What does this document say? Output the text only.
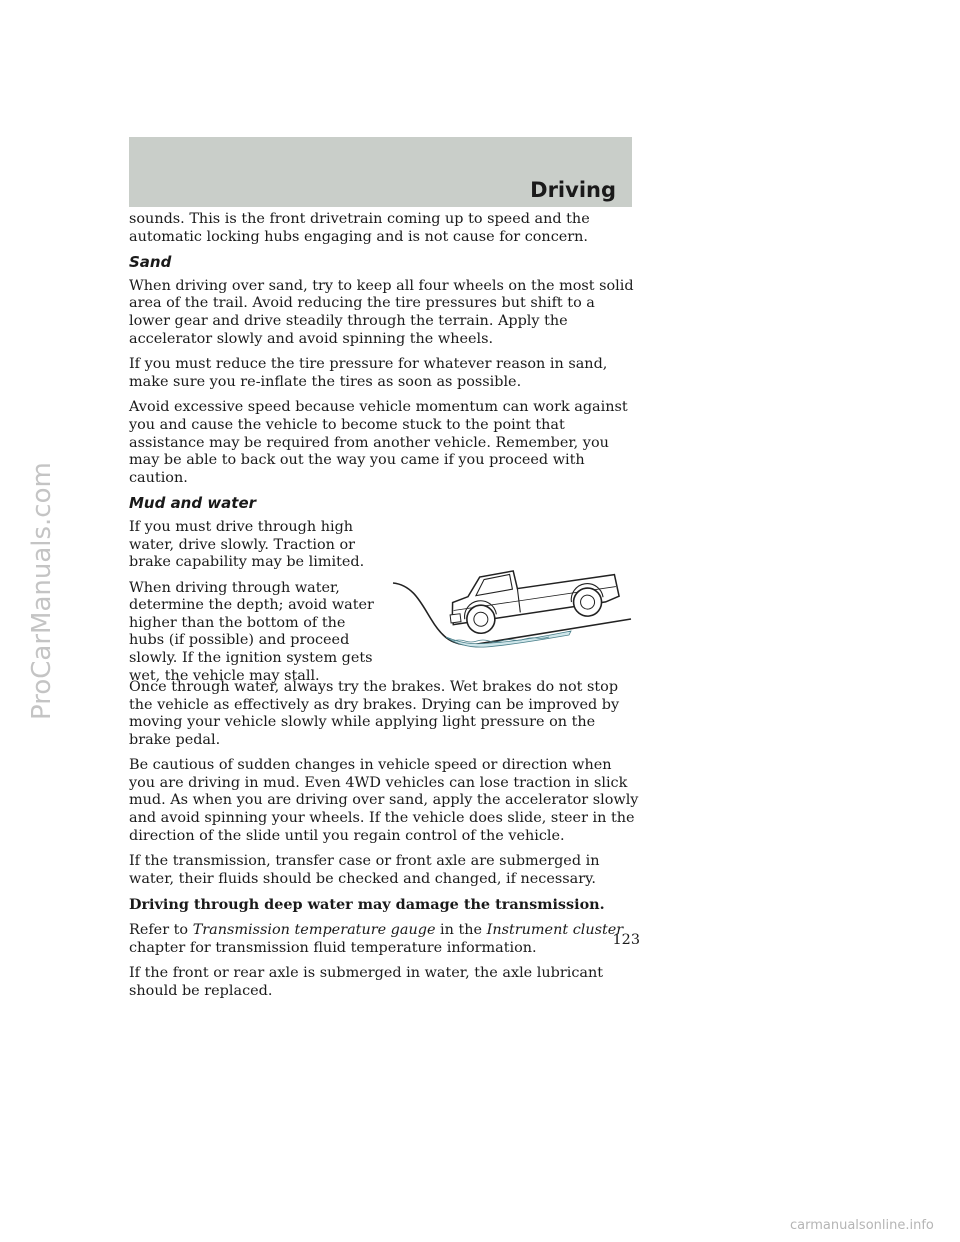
Driving

sounds. This is the front drivetrain coming up to speed and the automatic locking hubs engaging and is not cause for concern.

Sand

When driving over sand, try to keep all four wheels on the most solid area of the trail. Avoid reducing the tire pressures but shift to a lower gear and drive steadily through the terrain. Apply the accelerator slowly and avoid spinning the wheels.

If you must reduce the tire pressure for whatever reason in sand, make sure you re-inflate the tires as soon as possible.

Avoid excessive speed because vehicle momentum can work against you and cause the vehicle to become stuck to the point that assistance may be required from another vehicle. Remember, you may be able to back out the way you came if you proceed with caution.

Mud and water

If you must drive through high water, drive slowly. Traction or brake capability may be limited.

When driving through water, determine the depth; avoid water higher than the bottom of the hubs (if possible) and proceed slowly. If the ignition system gets wet, the vehicle may stall.

Once through water, always try the brakes. Wet brakes do not stop the vehicle as effectively as dry brakes. Drying can be improved by moving your vehicle slowly while applying light pressure on the brake pedal.

Be cautious of sudden changes in vehicle speed or direction when you are driving in mud. Even 4WD vehicles can lose traction in slick mud. As when you are driving over sand, apply the accelerator slowly and avoid spinning your wheels. If the vehicle does slide, steer in the direction of the slide until you regain control of the vehicle.

If the transmission, transfer case or front axle are submerged in water, their fluids should be checked and changed, if necessary.

Driving through deep water may damage the transmission.

Refer to Transmission temperature gauge in the Instrument cluster chapter for transmission fluid temperature information.

If the front or rear axle is submerged in water, the axle lubricant should be replaced.

123
ProCarManuals.com
carmanualsonline.info
